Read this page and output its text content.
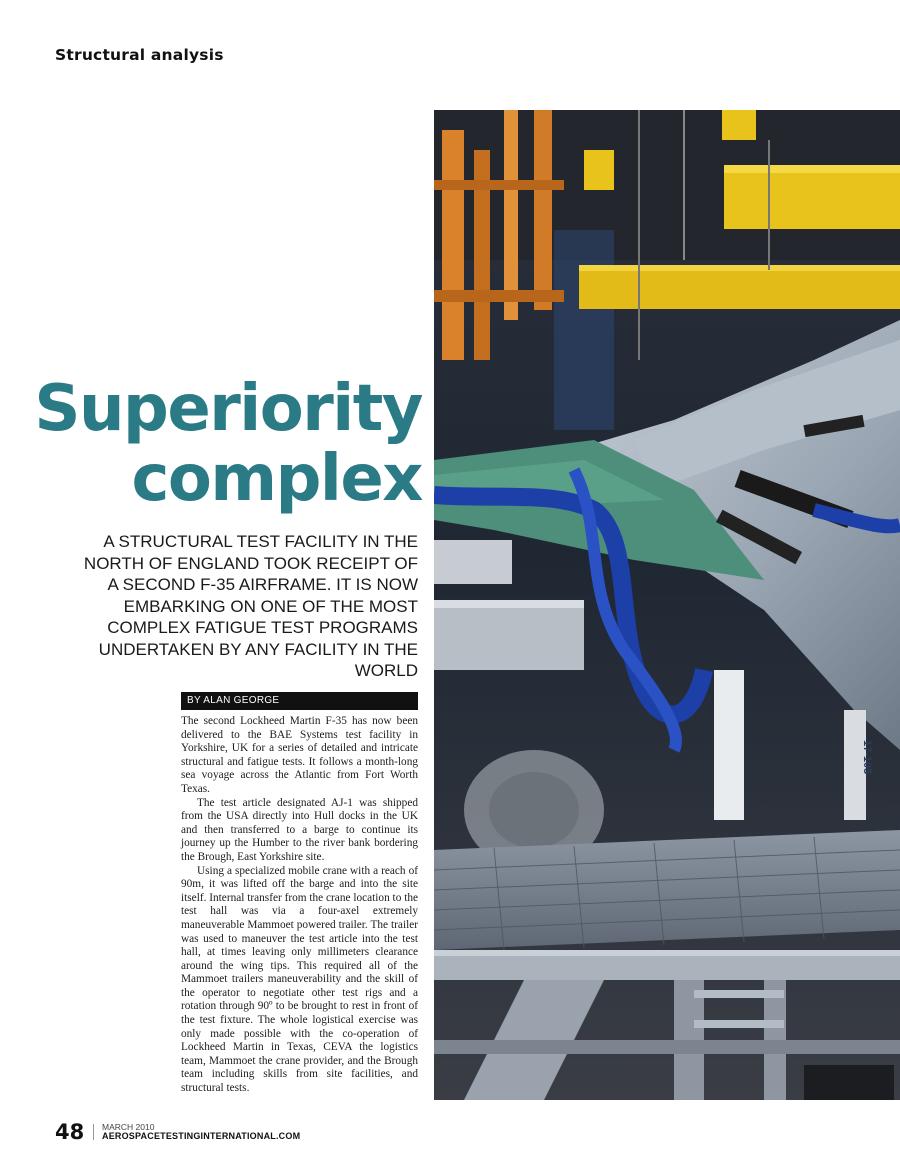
Structural analysis
Superiority
complex
A STRUCTURAL TEST FACILITY IN THE NORTH OF ENGLAND TOOK RECEIPT OF A SECOND F-35 AIRFRAME. IT IS NOW EMBARKING ON ONE OF THE MOST COMPLEX FATIGUE TEST PROGRAMS UNDERTAKEN BY ANY FACILITY IN THE WORLD
BY ALAN GEORGE

The second Lockheed Martin F-35 has now been delivered to the BAE Systems test facility in Yorkshire, UK for a series of detailed and intricate structural and fatigue tests. It follows a month-long sea voyage across the Atlantic from Fort Worth Texas.

The test article designated AJ-1 was shipped from the USA directly into Hull docks in the UK and then transferred to a barge to continue its journey up the Humber to the river bank bordering the Brough, East Yorkshire site.

Using a specialized mobile crane with a reach of 90m, it was lifted off the barge and into the site itself. Internal transfer from the crane location to the test hall was via a four-axel extremely maneuverable Mammoet powered trailer. The trailer was used to maneuver the test article into the test hall, at times leaving only millimeters clearance around the wing tips. This required all of the Mammoet trailers maneuverability and the skill of the operator to negotiate other test rigs and a rotation through 90º to be brought to rest in front of the test fixture. The whole logistical exercise was only made possible with the co-operation of Lockheed Martin in Texas, CEVA the logistics team, Mammoet the crane provider, and the Brough team including skills from site facilities, and structural tests.

17-105
48 MARCH 2010
AEROSPACETESTINGINTERNATIONAL.COM
